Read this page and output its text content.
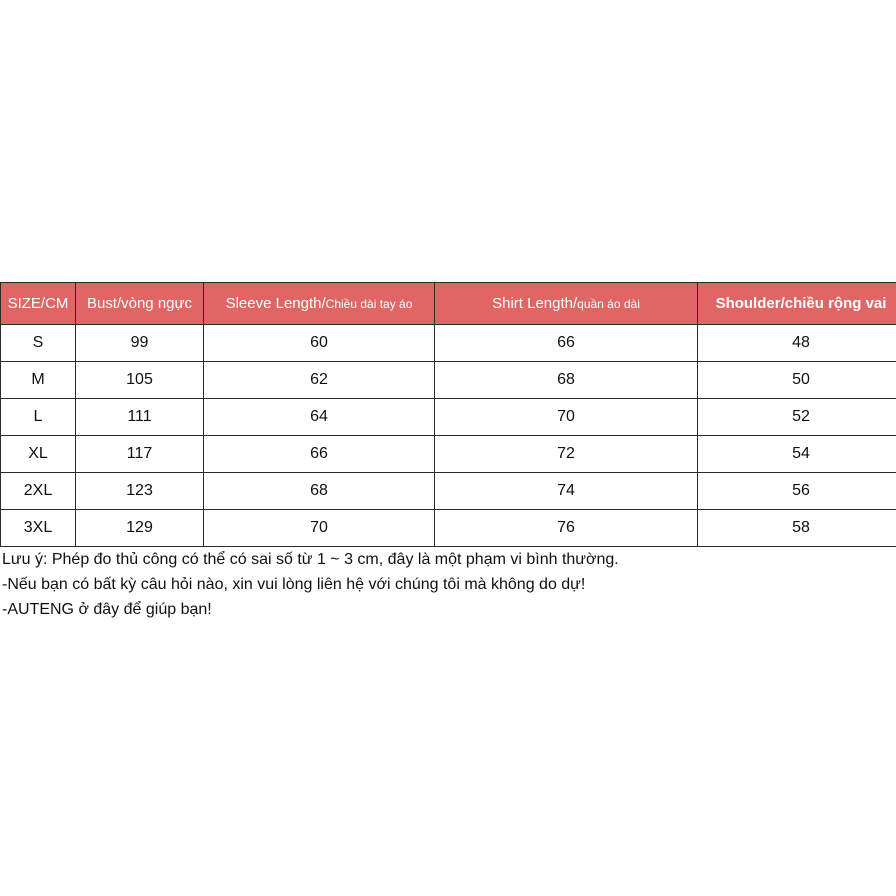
SIZE/CM	Bust/vòng ngực	Sleeve Length/Chiều dài tay áo	Shirt Length/quần áo dài	Shoulder/chiều rộng vai
S	99	60	66	48
M	105	62	68	50
L	111	64	70	52
XL	117	66	72	54
2XL	123	68	74	56
3XL	129	70	76	58
Lưu ý: Phép đo thủ công có thể có sai số từ 1 ~ 3 cm, đây là một phạm vi bình thường.
-Nếu bạn có bất kỳ câu hỏi nào, xin vui lòng liên hệ với chúng tôi mà không do dự!
-AUTENG ở đây để giúp bạn!
